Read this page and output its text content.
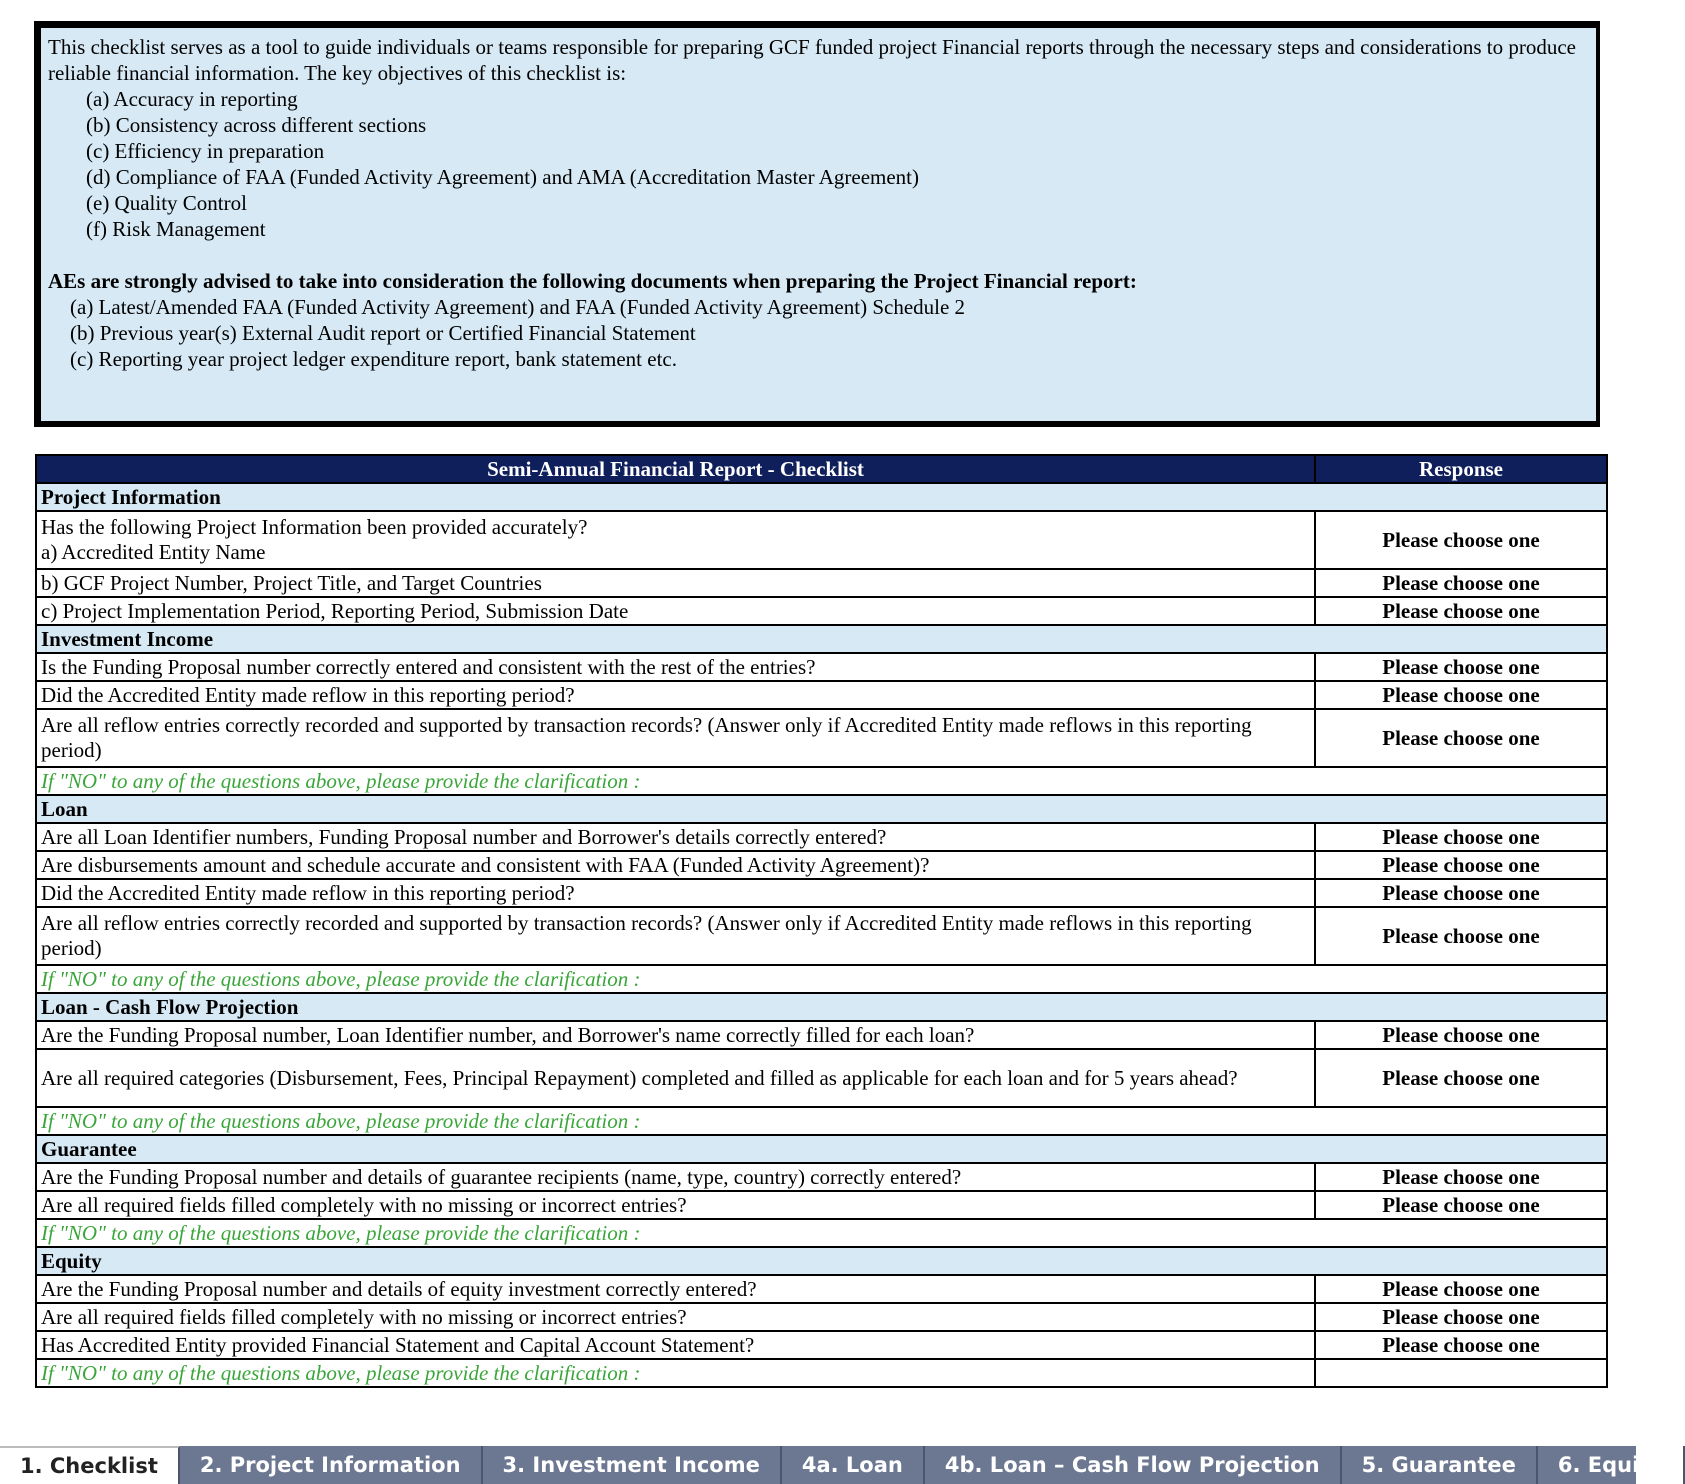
This checklist serves as a tool to guide individuals or teams responsible for preparing GCF funded project Financial reports through the necessary steps and considerations to produce reliable financial information. The key objectives of this checklist is:

(a) Accuracy in reporting

(b) Consistency across different sections

(c) Efficiency in preparation

(d) Compliance of FAA (Funded Activity Agreement) and AMA (Accreditation Master Agreement)

(e) Quality Control

(f) Risk Management

AEs are strongly advised to take into consideration the following documents when preparing the Project Financial report:

(a) Latest/Amended FAA (Funded Activity Agreement) and FAA (Funded Activity Agreement) Schedule 2

(b) Previous year(s) External Audit report or Certified Financial Statement

(c) Reporting year project ledger expenditure report, bank statement etc.

Semi-Annual Financial Report - Checklist	Response
Project Information	

Has the following Project Information been provided accurately?
a) Accredited Entity Name	Please choose one
b) GCF Project Number, Project Title, and Target Countries	Please choose one
c) Project Implementation Period, Reporting Period, Submission Date	Please choose one
Investment Income	
Is the Funding Proposal number correctly entered and consistent with the rest of the entries?	Please choose one
Did the Accredited Entity made reflow in this reporting period?	Please choose one
Are all reflow entries correctly recorded and supported by transaction records? (Answer only if Accredited Entity made reflows in this reporting period)	Please choose one
If "NO" to any of the questions above, please provide the clarification :	
Loan	
Are all Loan Identifier numbers, Funding Proposal number and Borrower's details correctly entered?	Please choose one
Are disbursements amount and schedule accurate and consistent with FAA (Funded Activity Agreement)?	Please choose one
Did the Accredited Entity made reflow in this reporting period?	Please choose one
Are all reflow entries correctly recorded and supported by transaction records? (Answer only if Accredited Entity made reflows in this reporting period)	Please choose one
If "NO" to any of the questions above, please provide the clarification :	
Loan - Cash Flow Projection	
Are the Funding Proposal number, Loan Identifier number, and Borrower's name correctly filled for each loan?	Please choose one
Are all required categories (Disbursement, Fees, Principal Repayment) completed and filled as applicable for each loan and for 5 years ahead?	Please choose one
If "NO" to any of the questions above, please provide the clarification :	
Guarantee	
Are the Funding Proposal number and details of guarantee recipients (name, type, country) correctly entered?	Please choose one
Are all required fields filled completely with no missing or incorrect entries?	Please choose one
If "NO" to any of the questions above, please provide the clarification :	
Equity	
Are the Funding Proposal number and details of equity investment correctly entered?	Please choose one
Are all required fields filled completely with no missing or incorrect entries?	Please choose one
Has Accredited Entity provided Financial Statement and Capital Account Statement?	Please choose one
If "NO" to any of the questions above, please provide the clarification :	
1. Checklist	2. Project Information	3. Investment Income	4a. Loan	4b. Loan – Cash Flow Projection	5. Guarantee	6. Equity
